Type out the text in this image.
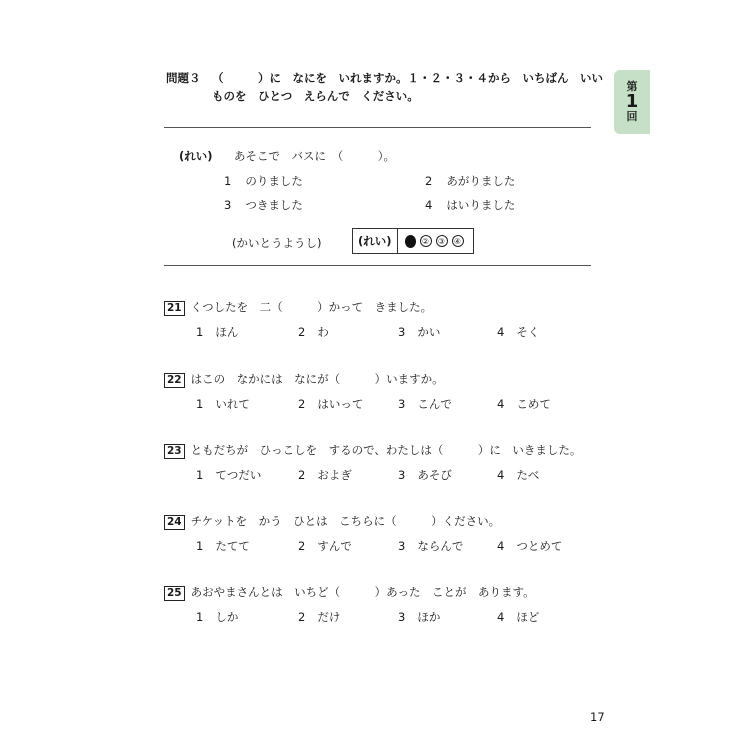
問題３ （　　　）に　なにを　いれますか。１・２・３・４から　いちばん　いい
ものを　ひとつ　えらんで　ください。
第
1
回
(れい) あそこで　バスに　（　　　）。
1 のりました	2 あがりました
3 つきました	4 はいりました
(かいとうようし)	(れい)	②	③	④
21 くつしたを　二（　　　）かって　きました。
1 ほん	2 わ	3 かい	4 そく
22 はこの　なかには　なにが（　　　）いますか。
1 いれて	2 はいって	3 こんで	4 こめて
23 ともだちが　ひっこしを　するので、わたしは（　　　）に　いきました。
1 てつだい	2 およぎ	3 あそび	4 たべ
24 チケットを　かう　ひとは　こちらに（　　　）ください。
1 たてて	2 すんで	3 ならんで	4 つとめて
25 あおやまさんとは　いちど（　　　）あった　ことが　あります。
1 しか	2 だけ	3 ほか	4 ほど
17
